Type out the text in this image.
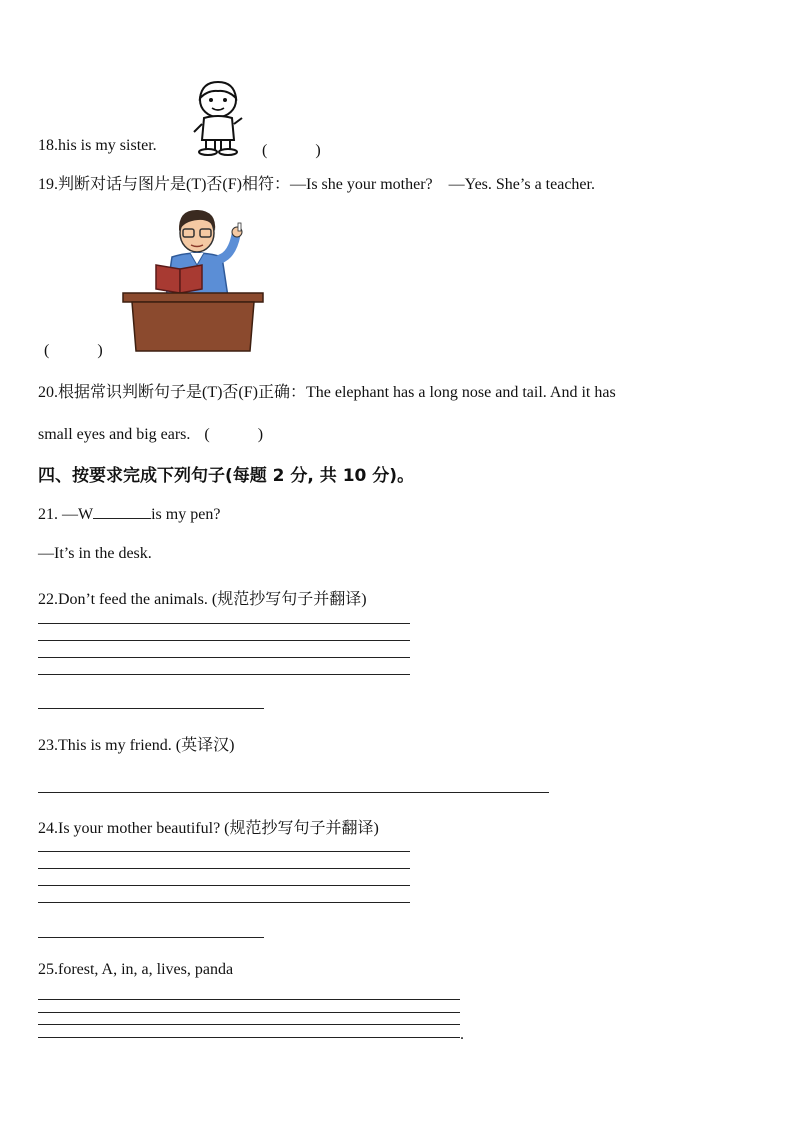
18.his is my sister.	(　　　)
19.判断对话与图片是(T)否(F)相符：—Is she your mother?　—Yes. She’s a teacher.
(　　　)
20.根据常识判断句子是(T)否(F)正确：The elephant has a long nose and tail. And it has
small eyes and big ears. (　　　)
四、按要求完成下列句子(每题 2 分, 共 10 分)。
21. —W	is my pen?
—It’s in the desk.
22.Don’t feed the animals. (规范抄写句子并翻译)
23.This is my friend. (英译汉)
24.Is your mother beautiful? (规范抄写句子并翻译)
25.forest, A, in, a, lives, panda
.
